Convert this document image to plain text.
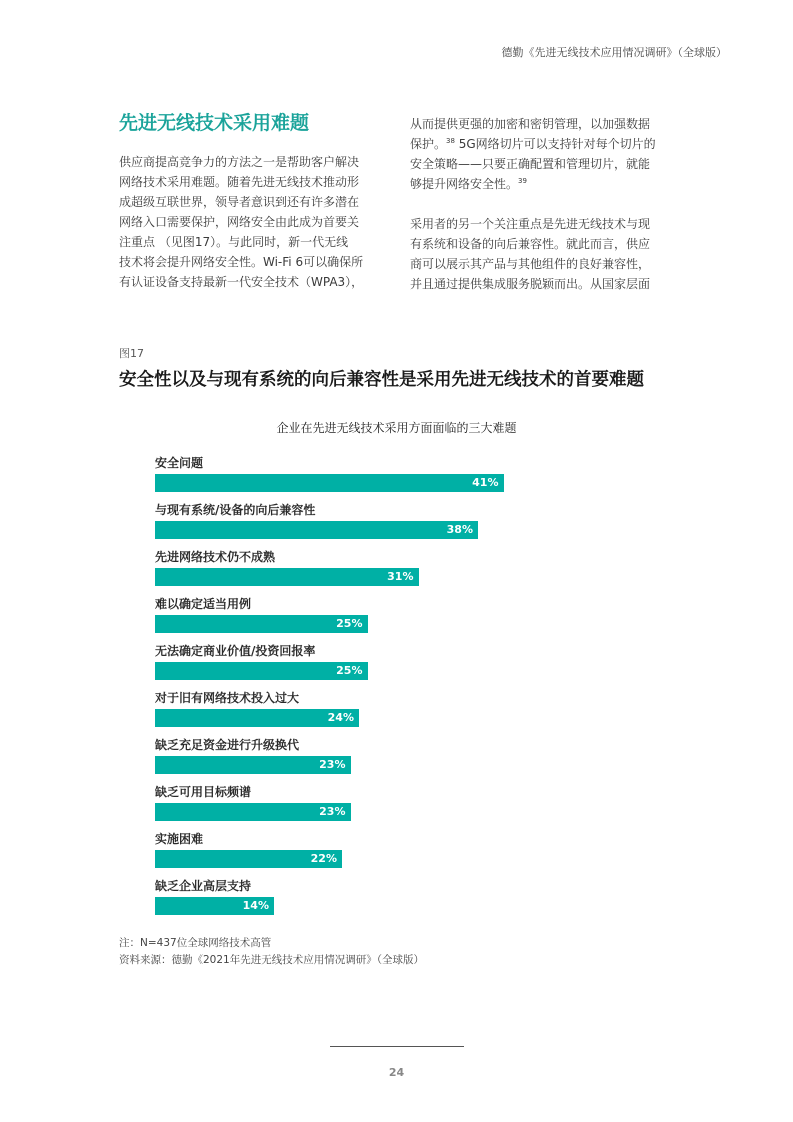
德勤《先进无线技术应用情况调研》（全球版）
先进无线技术采用难题

供应商提高竞争力的方法之一是帮助客户解决
网络技术采用难题。随着先进无线技术推动形
成超级互联世界，领导者意识到还有许多潜在
网络入口需要保护，网络安全由此成为首要关
注重点 （见图17）。与此同时，新一代无线
技术将会提升网络安全性。Wi-Fi 6可以确保所
有认证设备支持最新一代安全技术（WPA3），

从而提供更强的加密和密钥管理，以加强数据
保护。$^{38}$ 5G网络切片可以支持针对每个切片的
安全策略——只要正确配置和管理切片，就能
够提升网络安全性。$^{39}$

采用者的另一个关注重点是先进无线技术与现
有系统和设备的向后兼容性。就此而言，供应
商可以展示其产品与其他组件的良好兼容性，
并且通过提供集成服务脱颖而出。从国家层面

图17
安全性以及与现有系统的向后兼容性是采用先进无线技术的首要难题
企业在先进无线技术采用方面面临的三大难题
安全问题
41%
与现有系统/设备的向后兼容性
38%
先进网络技术仍不成熟
31%
难以确定适当用例
25%
无法确定商业价值/投资回报率
25%
对于旧有网络技术投入过大
24%
缺乏充足资金进行升级换代
23%
缺乏可用目标频谱
23%
实施困难
22%
缺乏企业高层支持
14%
注：N=437位全球网络技术高管
资料来源：德勤《2021年先进无线技术应用情况调研》（全球版）
24
